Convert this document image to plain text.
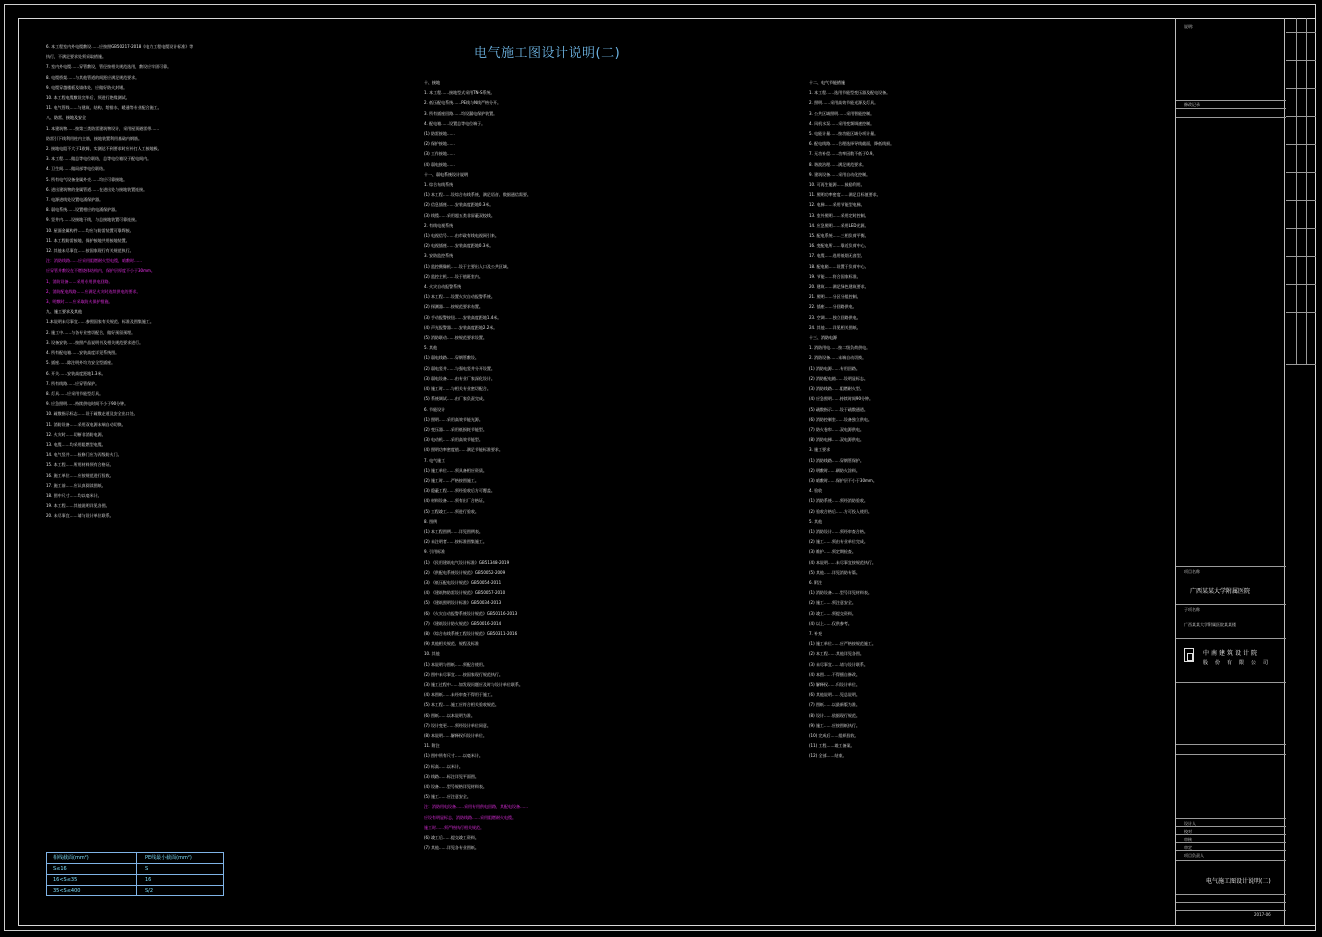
电气施工图设计说明(二)
6. 本工程室内外电缆敷设……应按照GB50217-2018《电力工程电缆设计标准》等
执行，不满足要求处须采取措施。
7. 室内外电缆……穿管敷设，管径按相关规范选用，敷设应牢固可靠。
8. 电缆桥架……与其他管道的间距应满足规范要求。
9. 电缆穿越楼板及墙体处，应做好防火封堵。
10. 本工程电缆敷设完毕后，须进行绝缘测试。
11. 电气管线……与建筑、结构、给排水、暖通等专业配合施工。
八、防雷、接地及安全
1. 本建筑物……按第三类防雷建筑物设计，采用屋顶避雷带……
防雷引下线利用柱内主筋，接地装置利用基础内钢筋。
2. 接地电阻不大于1欧姆，实测达不到要求时应补打人工接地极。
3. 本工程……做总等电位联结，总等电位箱设于配电间内。
4. 卫生间……做局部等电位联结。
5. 所有电气设备金属外壳……均应可靠接地。
6. 进出建筑物的金属管道……在进出处与接地装置连接。
7. 电源进线处设置电涌保护器。
8. 弱电系统……设置相应的电涌保护器。
9. 竖井内……设接地干线，与总接地装置可靠连接。
10. 屋面金属构件……均应与防雷装置可靠焊接。
11. 本工程防雷接地、保护接地共用接地装置。
12. 其他未尽事宜……按国家现行有关规范执行。
注：消防线路……应采用阻燃耐火型电缆，暗敷时……
应穿管并敷设在不燃烧体结构内，保护层厚度不小于30mm。
1、消防设备……采用专用供电回路。
2、消防配电线路……应满足火灾时连续供电的要求。
3、明敷时……应采取防火保护措施。
九、施工要求及其他
1.本说明未尽事宜……参照国家有关规范、标准及图集施工。
2. 施工中……与各专业密切配合，做好预留预埋。
3. 设备安装……按照产品说明书及相关规范要求进行。
4. 所有配电箱……安装高度详见系统图。
5. 插座……除注明外均为安全型插座。
6. 开关……安装高度距地1.3米。
7. 所有线路……应穿管保护。
8. 灯具……应采用节能型灯具。
9. 应急照明……持续供电时间不小于90分钟。
10. 疏散指示标志……设于疏散走道及安全出口处。
11. 消防设备……采用双电源末端自动切换。
12. 火灾时……切断非消防电源。
13. 电缆……均采用阻燃型电缆。
14. 电气竖井……检修门应为丙级防火门。
15. 本工程……所用材料须有合格证。
16. 施工单位……应按规范进行验收。
17. 施工前……应认真阅读图纸。
18. 图中尺寸……均以毫米计。
19. 本工程……其他说明详见各图。
20. 未尽事宜……请与设计单位联系。
十、接地
1. 本工程……接地型式采用TN-S系统。
2. 低压配电系统……PE线与N线严格分开。
3. 所有插座回路……均设漏电保护装置。
4. 配电箱……设置总等电位端子。
(1) 防雷接地……
(2) 保护接地……
(3) 工作接地……
(4) 弱电接地……
十一、弱电系统设计说明
1. 综合布线系统
(1) 本工程……设综合布线系统，满足语音、数据通信需要。
(2) 信息插座……安装高度距地0.3米。
(3) 线缆……采用超五类非屏蔽双绞线。
2. 有线电视系统
(1) 电视信号……由市政有线电视网引来。
(2) 电视插座……安装高度距地0.3米。
3. 安防监控系统
(1) 监控摄像机……设于主要出入口及公共区域。
(2) 监控主机……设于值班室内。
4. 火灾自动报警系统
(1) 本工程……设置火灾自动报警系统。
(2) 探测器……按规范要求布置。
(3) 手动报警按钮……安装高度距地1.4米。
(4) 声光报警器……安装高度距地2.2米。
(5) 消防联动……按规范要求设置。
5. 其他
(1) 弱电线路……穿钢管敷设。
(2) 弱电竖井……与强电竖井分开设置。
(3) 弱电设备……由专业厂家深化设计。
(4) 施工时……与相关专业密切配合。
(5) 系统调试……由厂家负责完成。
6. 节能设计
(1) 照明……采用高效节能光源。
(2) 变压器……采用低损耗节能型。
(3) 电动机……采用高效节能型。
(4) 照明功率密度值……满足节能标准要求。
7. 电气施工
(1) 施工单位……须具备相应资质。
(2) 施工时……严格按图施工。
(3) 隐蔽工程……须经验收后方可覆盖。
(4) 材料设备……须有出厂合格证。
(5) 工程竣工……须进行验收。
8. 图例
(1) 本工程图例……详见图例表。
(2) 未注明者……按标准图集施工。
9. 引用标准
(1) 《民用建筑电气设计标准》GB51348-2019
(2) 《供配电系统设计规范》GB50052-2009
(3) 《低压配电设计规范》GB50054-2011
(4) 《建筑物防雷设计规范》GB50057-2010
(5) 《建筑照明设计标准》GB50034-2013
(6) 《火灾自动报警系统设计规范》GB50116-2013
(7) 《建筑设计防火规范》GB50016-2014
(8) 《综合布线系统工程设计规范》GB50311-2016
(9) 其他相关规范、规程及标准
10. 其他
(1) 本说明与图纸……须配合使用。
(2) 图中未尽事宜……按国家现行规范执行。
(3) 施工过程中……如发现问题应及时与设计单位联系。
(4) 本图纸……未经审查不得用于施工。
(5) 本工程……施工应符合相关验收规范。
(6) 图纸……以本说明为准。
(7) 设计变更……须经设计单位同意。
(8) 本说明……解释权归设计单位。
11. 附注
(1) 图中所有尺寸……以毫米计。
(2) 标高……以米计。
(3) 线路……标注详见平面图。
(4) 设备……型号规格详见材料表。
(5) 施工……应注意安全。
注：消防用电设备……采用专用供电回路，其配电设备……
应设有明显标志，消防线路……采用阻燃耐火电缆。
施工时……须严格执行相关规范。
(6) 竣工后……提交竣工资料。
(7) 其他……详见各专业图纸。
十二、电气节能措施
1. 本工程……选用节能型变压器及配电设备。
2. 照明……采用高效节能光源及灯具。
3. 公共区域照明……采用智能控制。
4. 风机水泵……采用变频调速控制。
5. 电能计量……按功能区域分项计量。
6. 配电线路……合理选择导线截面，降低线损。
7. 无功补偿……功率因数不低于0.9。
8. 谐波治理……满足规范要求。
9. 建筑设备……采用自动化控制。
10. 可再生能源……鼓励利用。
11. 照明功率密度……满足目标值要求。
12. 电梯……采用节能型电梯。
13. 室外照明……采用定时控制。
14. 应急照明……采用LED光源。
15. 配电系统……三相负荷平衡。
16. 变配电所……靠近负荷中心。
17. 电缆……选用低烟无卤型。
18. 配电箱……设置于负荷中心。
19. 节能……符合国家标准。
20. 建筑……满足绿色建筑要求。
21. 照明……分区分组控制。
22. 插座……分回路供电。
23. 空调……独立回路供电。
24. 其他……详见相关图纸。
十三、消防电源
1. 消防用电……按二级负荷供电。
2. 消防设备……末端自动切换。
(1) 消防电源……专用回路。
(2) 消防配电箱……设明显标志。
(3) 消防线路……阻燃耐火型。
(4) 应急照明……持续时间90分钟。
(5) 疏散指示……设于疏散通道。
(6) 消防控制室……设备独立供电。
(7) 防火卷帘……双电源供电。
(8) 消防电梯……双电源供电。
3. 施工要求
(1) 消防线路……穿钢管保护。
(2) 明敷时……刷防火涂料。
(3) 暗敷时……保护层不小于30mm。
4. 验收
(1) 消防系统……须经消防验收。
(2) 验收合格后……方可投入使用。
5. 其他
(1) 消防设计……须经审查合格。
(2) 施工……须由专业单位完成。
(3) 维护……须定期检查。
(4) 本说明……未尽事宜按规范执行。
(5) 其他……详见消防专篇。
6. 附注
(1) 消防设备……型号详见材料表。
(2) 施工……须注意安全。
(3) 竣工……须提交资料。
(4) 以上……仅供参考。
7. 补充
(1) 施工单位……应严格按规范施工。
(2) 本工程……其他详见各图。
(3) 未尽事宜……请与设计联系。
(4) 本图……不得擅自修改。
(5) 解释权……归设计单位。
(6) 其他说明……见总说明。
(7) 图纸……以最新版为准。
(8) 设计……依据现行规范。
(9) 施工……应按图纸执行。
(10) 完成后……组织验收。
(11) 工程……竣工备案。
(12) 全部……结束。
相线截面(mm²)	PE线最小截面(mm²)
S≤16	S
16<S≤35	16
35<S≤400	S/2
说明:
修改记录
项目名称
广西某某大学附属医院
子项名称
广西某某大学附属医院某某楼
中南建筑设计院
股份有限公司
设计人
校对
审核
审定
项目负责人
电气施工图设计说明(二)
2017-06
